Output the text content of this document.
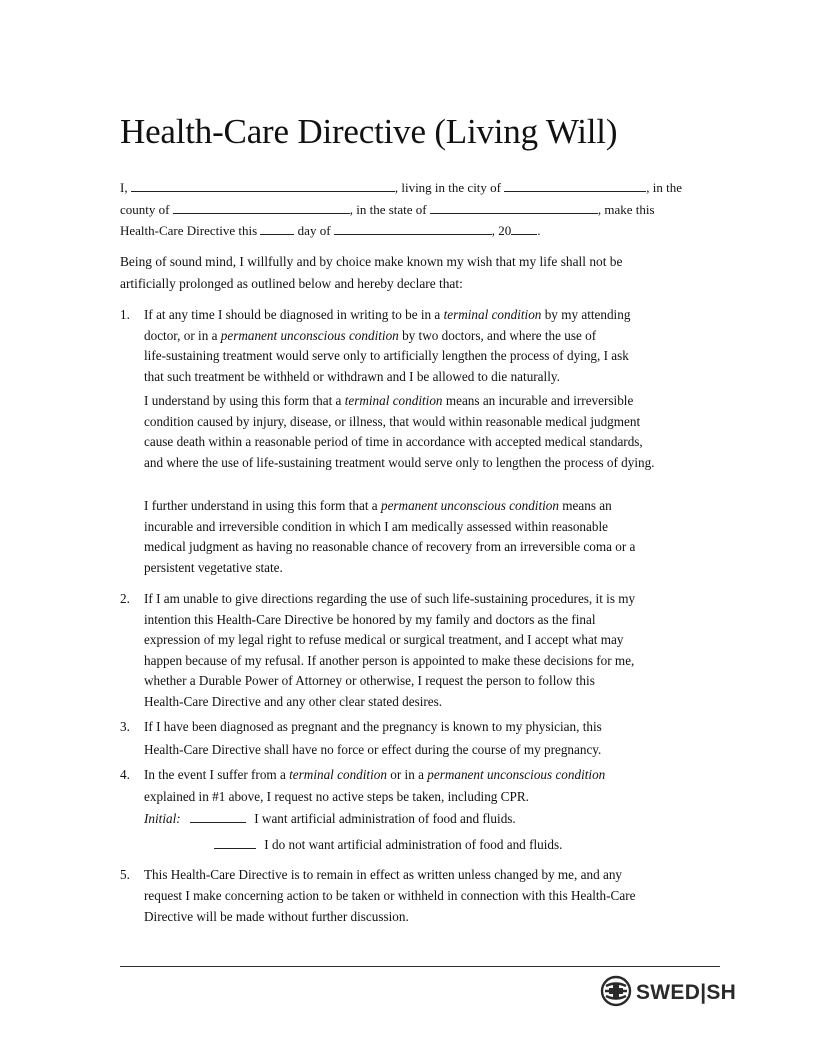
Health-Care Directive (Living Will)
I,	, living in the city of	, in the
county of	, in the state of	, make this
Health-Care Directive this	day of	, 20 .
Being of sound mind, I willfully and by choice make known my wish that my life shall not be
artificially prolonged as outlined below and hereby declare that:
1. If at any time I should be diagnosed in writing to be in a terminal condition by my attending
doctor, or in a permanent unconscious condition by two doctors, and where the use of
life-sustaining treatment would serve only to artificially lengthen the process of dying, I ask
that such treatment be withheld or withdrawn and I be allowed to die naturally.
I understand by using this form that a terminal condition means an incurable and irreversible
condition caused by injury, disease, or illness, that would within reasonable medical judgment
cause death within a reasonable period of time in accordance with accepted medical standards,
and where the use of life-sustaining treatment would serve only to lengthen the process of dying.
I further understand in using this form that a permanent unconscious condition means an
incurable and irreversible condition in which I am medically assessed within reasonable
medical judgment as having no reasonable chance of recovery from an irreversible coma or a
persistent vegetative state.
2. If I am unable to give directions regarding the use of such life-sustaining procedures, it is my
intention this Health-Care Directive be honored by my family and doctors as the final
expression of my legal right to refuse medical or surgical treatment, and I accept what may
happen because of my refusal. If another person is appointed to make these decisions for me,
whether a Durable Power of Attorney or otherwise, I request the person to follow this
Health-Care Directive and any other clear stated desires.
3. If I have been diagnosed as pregnant and the pregnancy is known to my physician, this
Health-Care Directive shall have no force or effect during the course of my pregnancy.
4. In the event I suffer from a terminal condition or in a permanent unconscious condition
explained in #1 above, I request no active steps be taken, including CPR.
Initial:	I want artificial administration of food and fluids.
I do not want artificial administration of food and fluids.
5. This Health-Care Directive is to remain in effect as written unless changed by me, and any
request I make concerning action to be taken or withheld in connection with this Health-Care
Directive will be made without further discussion.
SWED|SH
